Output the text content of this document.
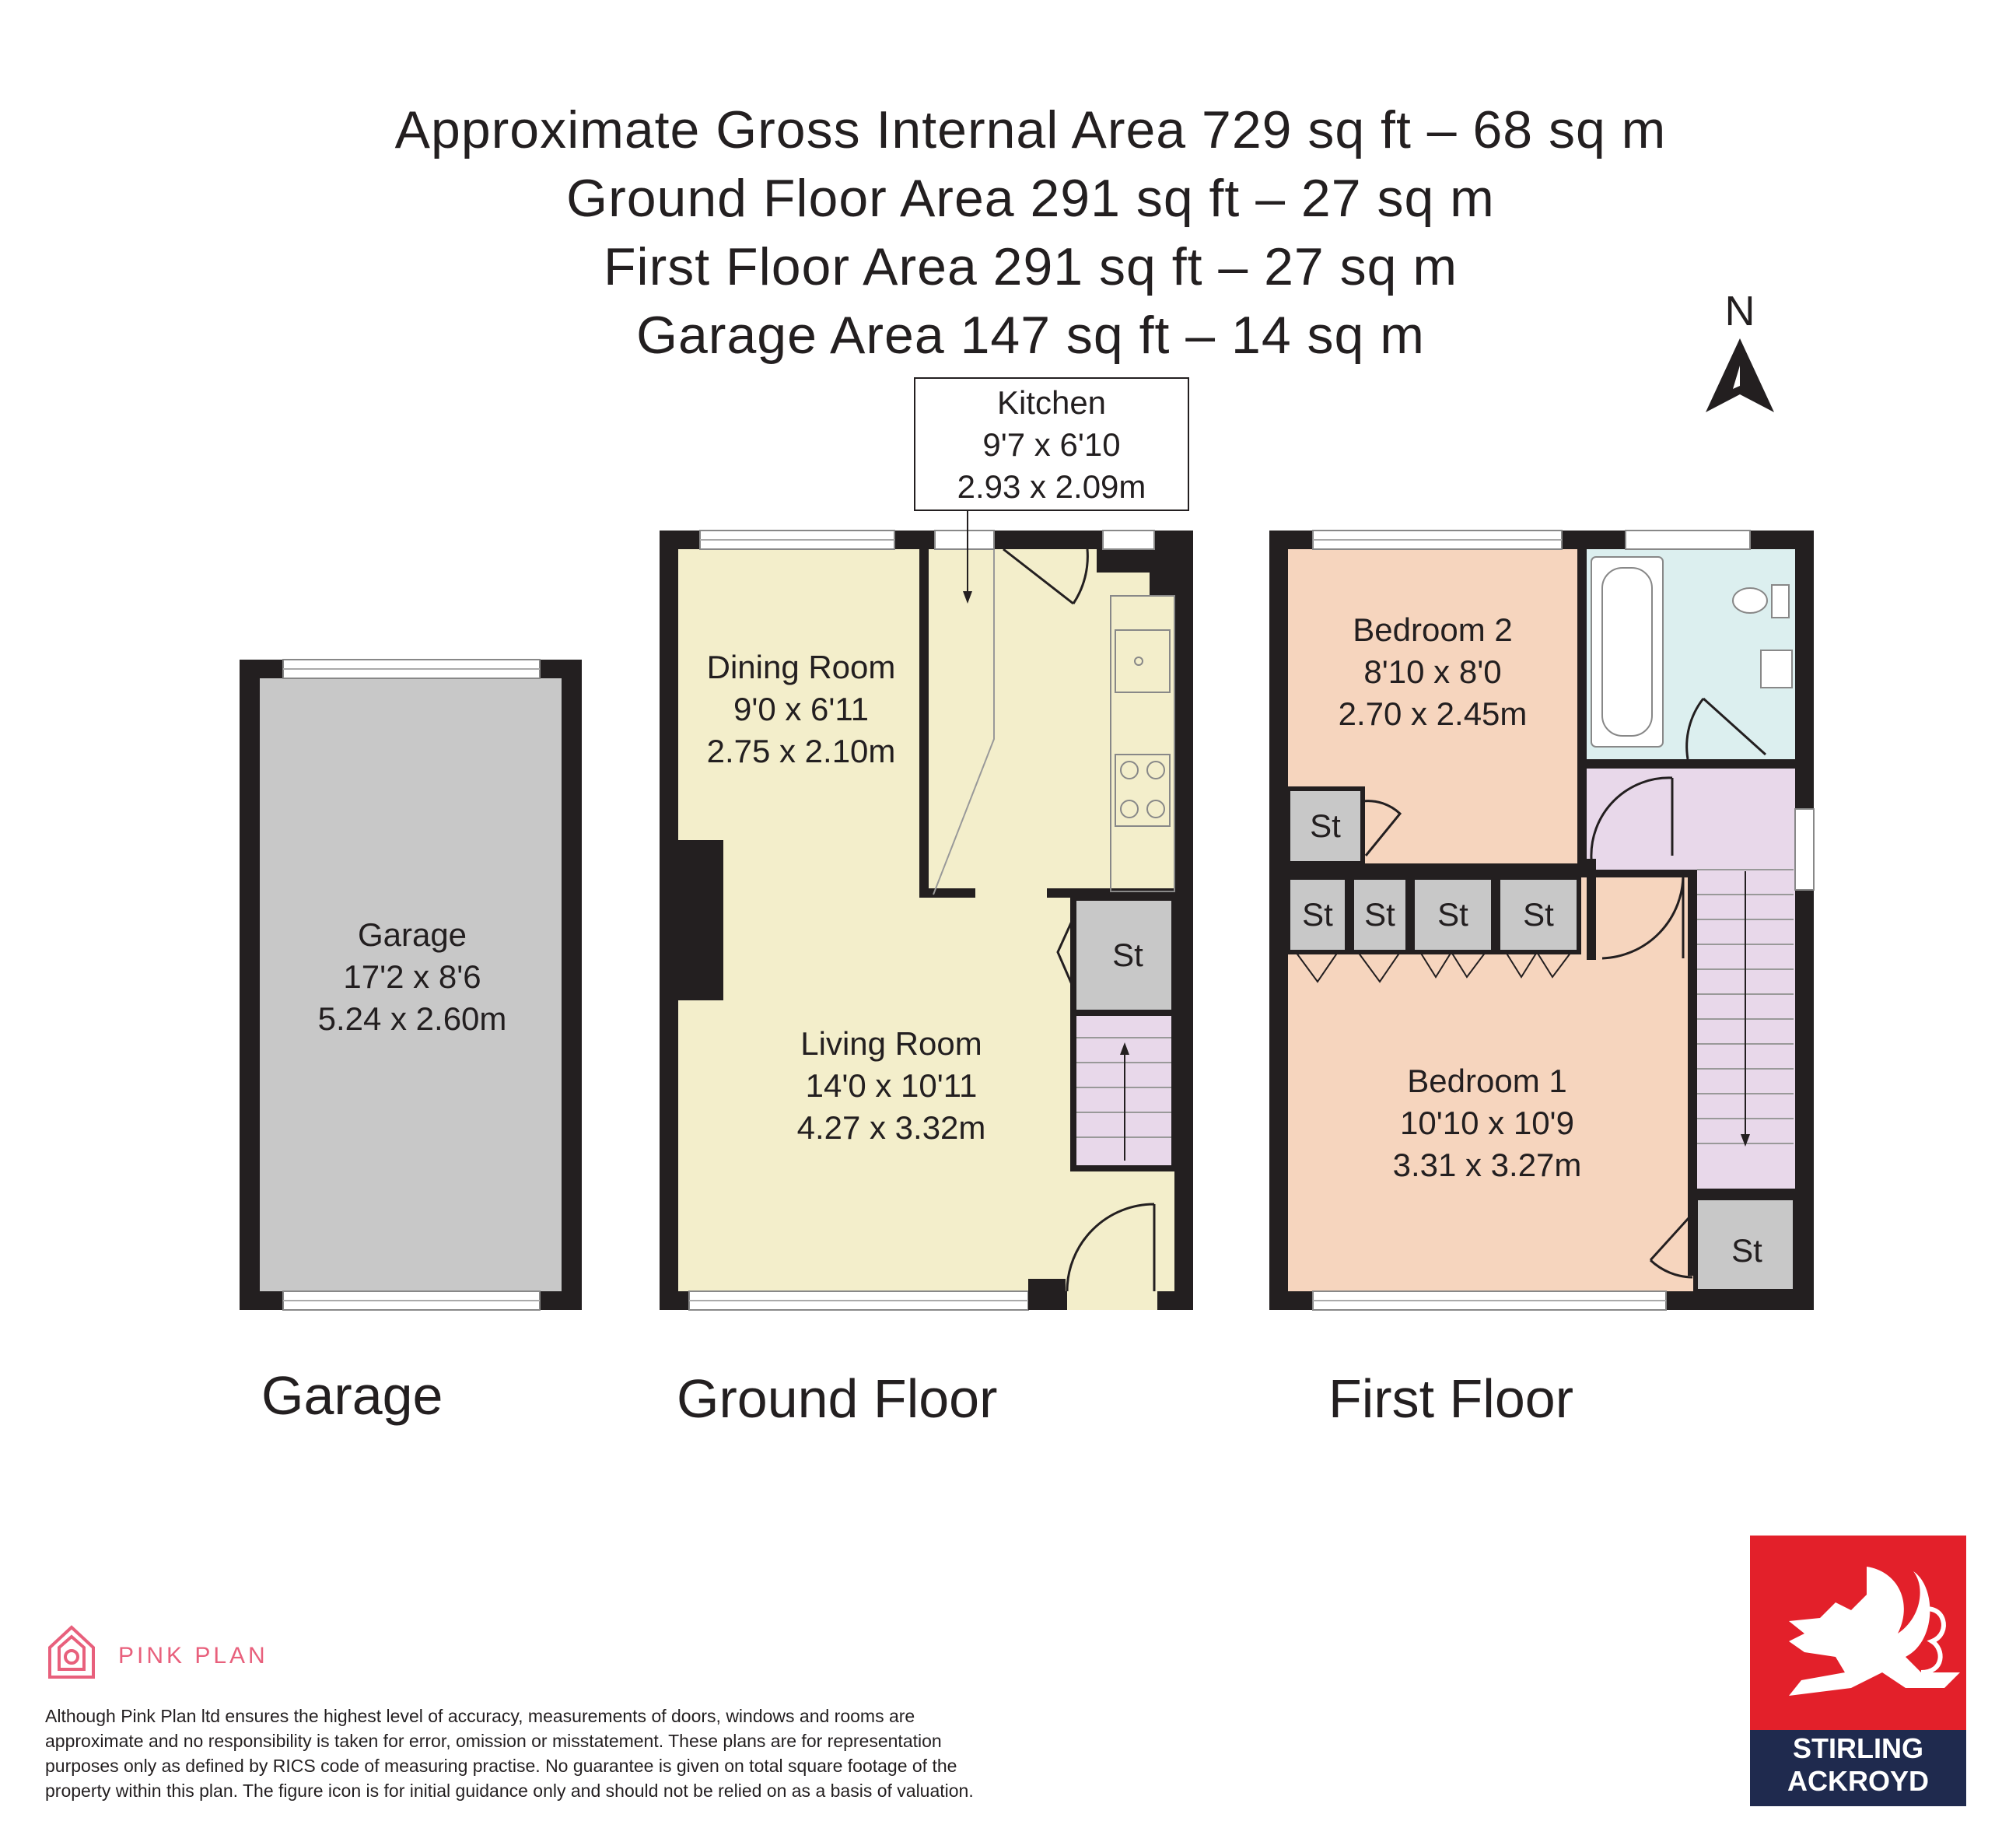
Approximate Gross Internal Area 729 sq ft – 68 sq m
Ground Floor Area 291 sq ft – 27 sq m
First Floor Area 291 sq ft – 27 sq m
Garage Area 147 sq ft – 14 sq m	N
Garage
17'2 x 8'6
5.24 x 2.60m
St
Kitchen
9'7 x 6'10
2.93 x 2.09m
Dining Room
9'0 x 6'11
2.75 x 2.10m
Living Room
14'0 x 10'11
4.27 x 3.32m
St
St St St St
St
Bedroom 2
8'10 x 8'0
2.70 x 2.45m
Bedroom 1
10'10 x 10'9
3.31 x 3.27m
Garage	Ground Floor	First Floor
PINK PLAN
STIRLING
ACKROYD
Although Pink Plan ltd ensures the highest level of accuracy, measurements of doors, windows and rooms are
approximate and no responsibility is taken for error, omission or misstatement. These plans are for representation
purposes only as defined by RICS code of measuring practise. No guarantee is given on total square footage of the
property within this plan. The figure icon is for initial guidance only and should not be relied on as a basis of valuation.
